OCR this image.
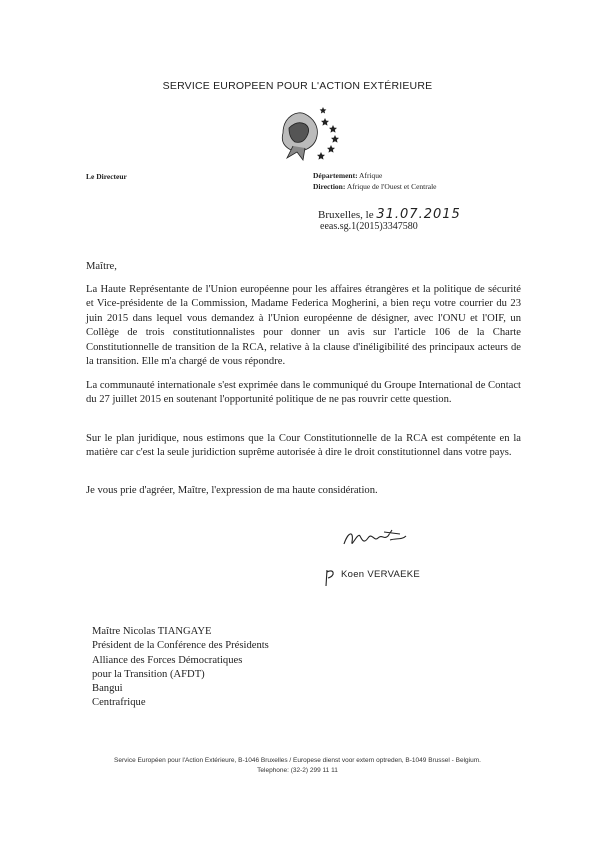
SERVICE EUROPEEN POUR L'ACTION EXTÉRIEURE
Le Directeur	Département: Afrique
Direction: Afrique de l'Ouest et Centrale
Bruxelles, le 31.07.2015
eeas.sg.1(2015)3347580
Maître,
La Haute Représentante de l'Union européenne pour les affaires étrangères et la politique de sécurité et Vice-présidente de la Commission, Madame Federica Mogherini, a bien reçu votre courrier du 23 juin 2015 dans lequel vous demandez à l'Union européenne de désigner, avec l'ONU et l'OIF, un Collège de trois constitutionnalistes pour donner un avis sur l'article 106 de la Charte Constitutionnelle de transition de la RCA, relative à la clause d'inéligibilité des principaux acteurs de la transition. Elle m'a chargé de vous répondre.
La communauté internationale s'est exprimée dans le communiqué du Groupe International de Contact du 27 juillet 2015 en soutenant l'opportunité politique de ne pas rouvrir cette question.
Sur le plan juridique, nous estimons que la Cour Constitutionnelle de la RCA est compétente en la matière car c'est la seule juridiction suprême autorisée à dire le droit constitutionnel dans votre pays.
Je vous prie d'agréer, Maître, l'expression de ma haute considération.
Koen VERVAEKE
Maître Nicolas TIANGAYE
Président de la Conférence des Présidents
Alliance des Forces Démocratiques
pour la Transition (AFDT)
Bangui
Centrafrique
Service Européen pour l'Action Extérieure, B-1046 Bruxelles / Europese dienst voor extern optreden, B-1049 Brussel - Belgium.
Telephone: (32-2) 299 11 11
